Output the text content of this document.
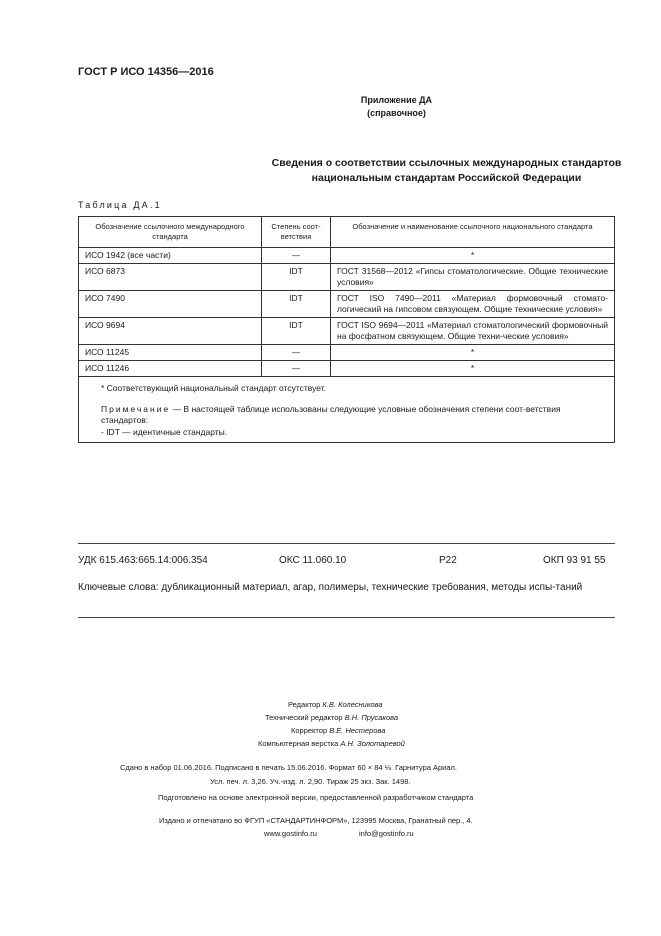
ГОСТ Р ИСО 14356—2016
Приложение ДА
(справочное)
Сведения о соответствии ссылочных международных стандартов
национальным стандартам Российской Федерации
Таблица ДА.1
Обозначение ссылочного международного стандарта	Степень соот-ветствия	Обозначение и наименование ссылочного национального стандарта
ИСО 1942 (все части)	—	*
ИСО 6873	IDT	ГОСТ 31568—2012 «Гипсы стоматологические. Общие технические условия»
ИСО 7490	IDT	ГОСТ ISO 7490—2011 «Материал формовочный стомато-логический на гипсовом связующем. Общие технические условия»
ИСО 9694	IDT	ГОСТ ISO 9694—2011 «Материал стоматологический формовочный на фосфатном связующем. Общие техни-ческие условия»
ИСО 11245	—	*
ИСО 11246	—	*

* Соответствующий национальный стандарт отсутствует.

Примечание — В настоящей таблице использованы следующие условные обозначения степени соот-ветствия стандартов:

- IDT — идентичные стандарты.		

УДК 615.463:665.14:006.354	ОКС 11.060.10	Р22	ОКП 93 91 55
Ключевые слова: дубликационный материал, агар, полимеры, технические требования, методы испы-таний
Редактор К.В. Колесникова
Технический редактор В.Н. Прусакова
Корректор В.Е. Нестерова
Компьютерная верстка А.Н. Золотаревой
Сдано в набор 01.06.2016. Подписано в печать 15.06.2016. Формат 60 × 84 ⅛. Гарнитура Ариал.
Усл. печ. л. 3,26. Уч.-изд. л. 2,90. Тираж 25 экз. Зак. 1498.
Подготовлено на основе электронной версии, предоставленной разработчиком стандарта
Издано и отпечатано во ФГУП «СТАНДАРТИНФОРМ», 123995 Москва, Гранатный пер., 4.
www.gostinfo.ru	info@gostinfo.ru
